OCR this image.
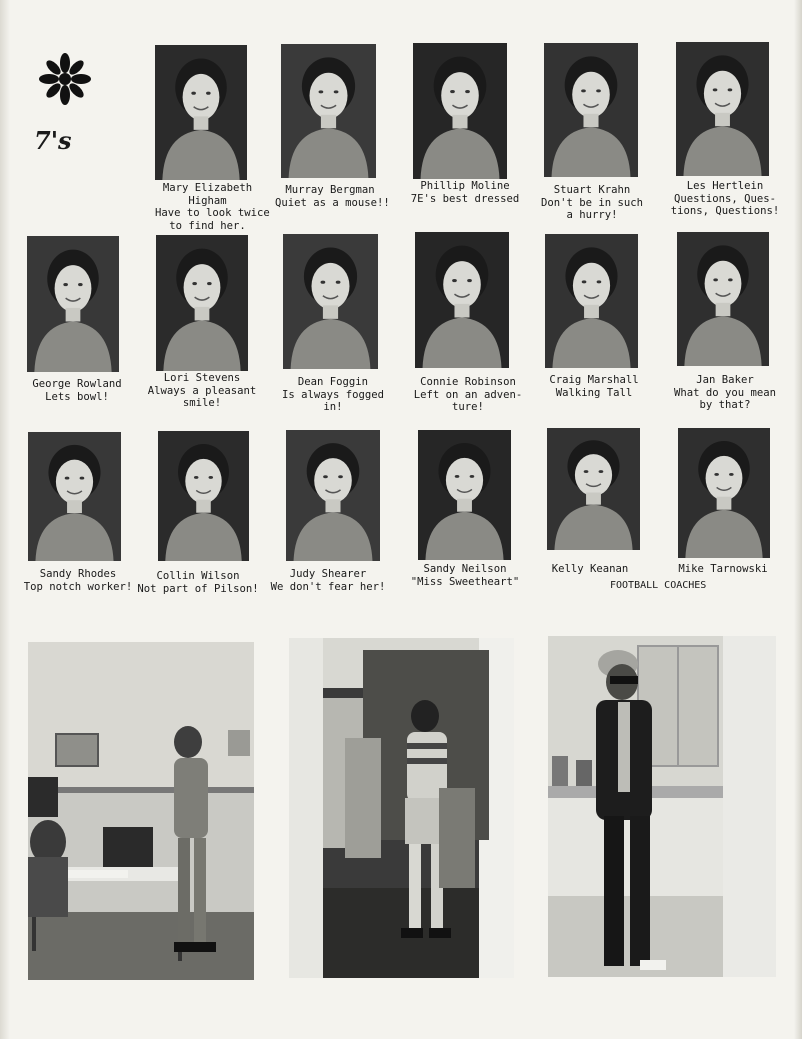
7's
Mary Elizabeth
Higham
Have to look twice
to find her.
Murray Bergman
Quiet as a mouse!!
Phillip Moline
7E's best dressed
Stuart Krahn
Don't be in such
a hurry!
Les Hertlein
Questions, Ques-
tions, Questions!
George Rowland
Lets bowl!
Lori Stevens
Always a pleasant
smile!
Dean Foggin
Is always fogged
in!
Connie Robinson
Left on an adven-
ture!
Craig Marshall
Walking Tall
Jan Baker
What do you mean
by that?
Sandy Rhodes
Top notch worker!
Collin Wilson
Not part of Pilson!
Judy Shearer
We don't fear her!
Sandy Neilson
"Miss Sweetheart"
Kelly Keanan	Mike Tarnowski
FOOTBALL COACHES
